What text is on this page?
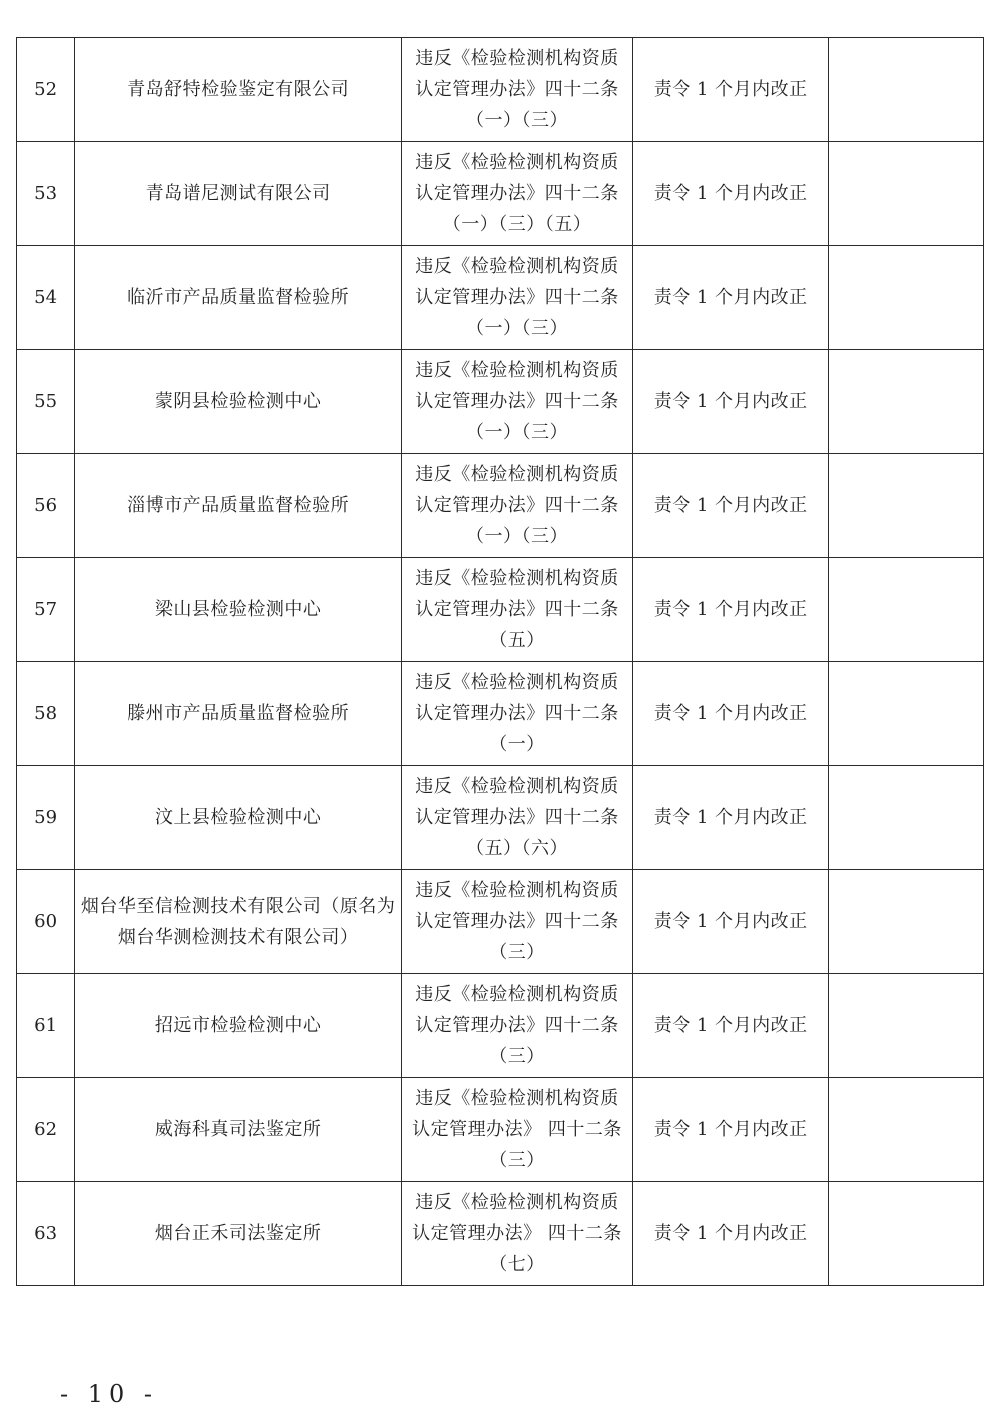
52	青岛舒特检验鉴定有限公司	违反《检验检测机构资质
认定管理办法》四十二条
（一）（三）	责令 1 个月内改正	
53	青岛谱尼测试有限公司	违反《检验检测机构资质
认定管理办法》四十二条
（一）（三）（五）	责令 1 个月内改正	
54	临沂市产品质量监督检验所	违反《检验检测机构资质
认定管理办法》四十二条
（一）（三）	责令 1 个月内改正	
55	蒙阴县检验检测中心	违反《检验检测机构资质
认定管理办法》四十二条
（一）（三）	责令 1 个月内改正	
56	淄博市产品质量监督检验所	违反《检验检测机构资质
认定管理办法》四十二条
（一）（三）	责令 1 个月内改正	
57	梁山县检验检测中心	违反《检验检测机构资质
认定管理办法》四十二条
（五）	责令 1 个月内改正	
58	滕州市产品质量监督检验所	违反《检验检测机构资质
认定管理办法》四十二条
（一）	责令 1 个月内改正	
59	汶上县检验检测中心	违反《检验检测机构资质
认定管理办法》四十二条
（五）（六）	责令 1 个月内改正	
60	烟台华至信检测技术有限公司（原名为烟台华测检测技术有限公司）	违反《检验检测机构资质
认定管理办法》四十二条
（三）	责令 1 个月内改正	
61	招远市检验检测中心	违反《检验检测机构资质
认定管理办法》四十二条
（三）	责令 1 个月内改正	
62	威海科真司法鉴定所	违反《检验检测机构资质
认定管理办法》 四十二条
（三）	责令 1 个月内改正	
63	烟台正禾司法鉴定所	违反《检验检测机构资质
认定管理办法》 四十二条
（七）	责令 1 个月内改正	
- 10 -
